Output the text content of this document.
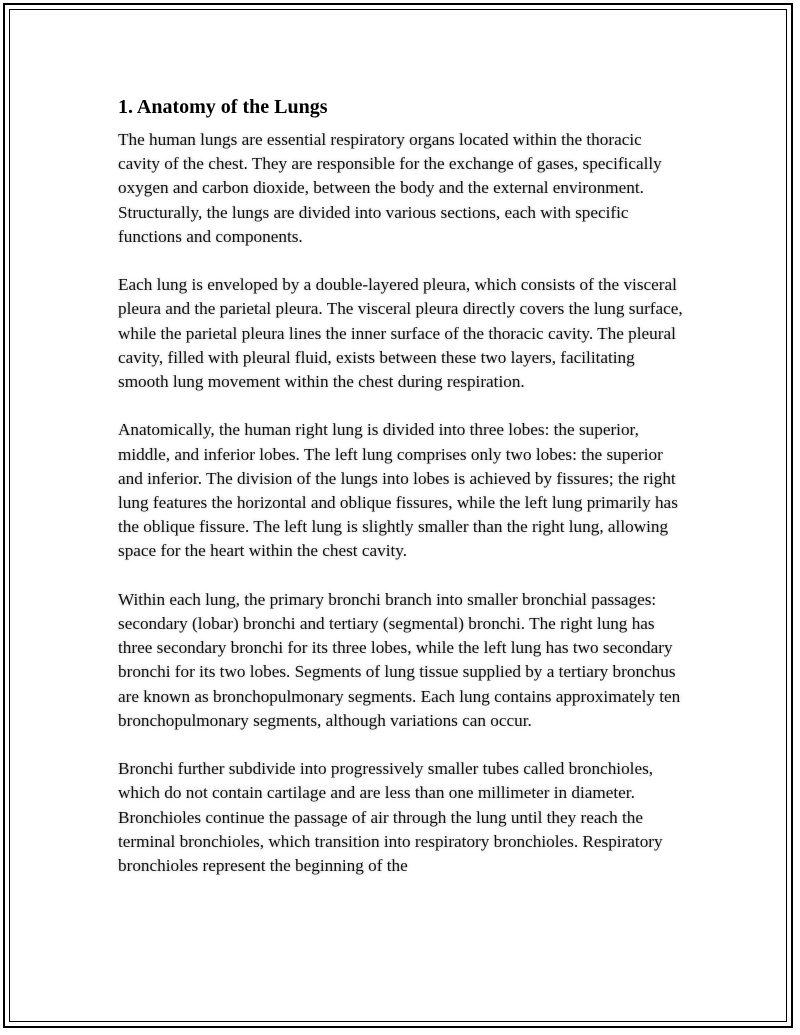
1. Anatomy of the Lungs

The human lungs are essential respiratory organs located within the thoracic cavity of the chest. They are responsible for the exchange of gases, specifically oxygen and carbon dioxide, between the body and the external environment. Structurally, the lungs are divided into various sections, each with specific functions and components.

Each lung is enveloped by a double-layered pleura, which consists of the visceral pleura and the parietal pleura. The visceral pleura directly covers the lung surface, while the parietal pleura lines the inner surface of the thoracic cavity. The pleural cavity, filled with pleural fluid, exists between these two layers, facilitating smooth lung movement within the chest during respiration.

Anatomically, the human right lung is divided into three lobes: the superior, middle, and inferior lobes. The left lung comprises only two lobes: the superior and inferior. The division of the lungs into lobes is achieved by fissures; the right lung features the horizontal and oblique fissures, while the left lung primarily has the oblique fissure. The left lung is slightly smaller than the right lung, allowing space for the heart within the chest cavity.

Within each lung, the primary bronchi branch into smaller bronchial passages: secondary (lobar) bronchi and tertiary (segmental) bronchi. The right lung has three secondary bronchi for its three lobes, while the left lung has two secondary bronchi for its two lobes. Segments of lung tissue supplied by a tertiary bronchus are known as bronchopulmonary segments. Each lung contains approximately ten bronchopulmonary segments, although variations can occur.

Bronchi further subdivide into progressively smaller tubes called bronchioles, which do not contain cartilage and are less than one millimeter in diameter. Bronchioles continue the passage of air through the lung until they reach the terminal bronchioles, which transition into respiratory bronchioles. Respiratory bronchioles represent the beginning of the
